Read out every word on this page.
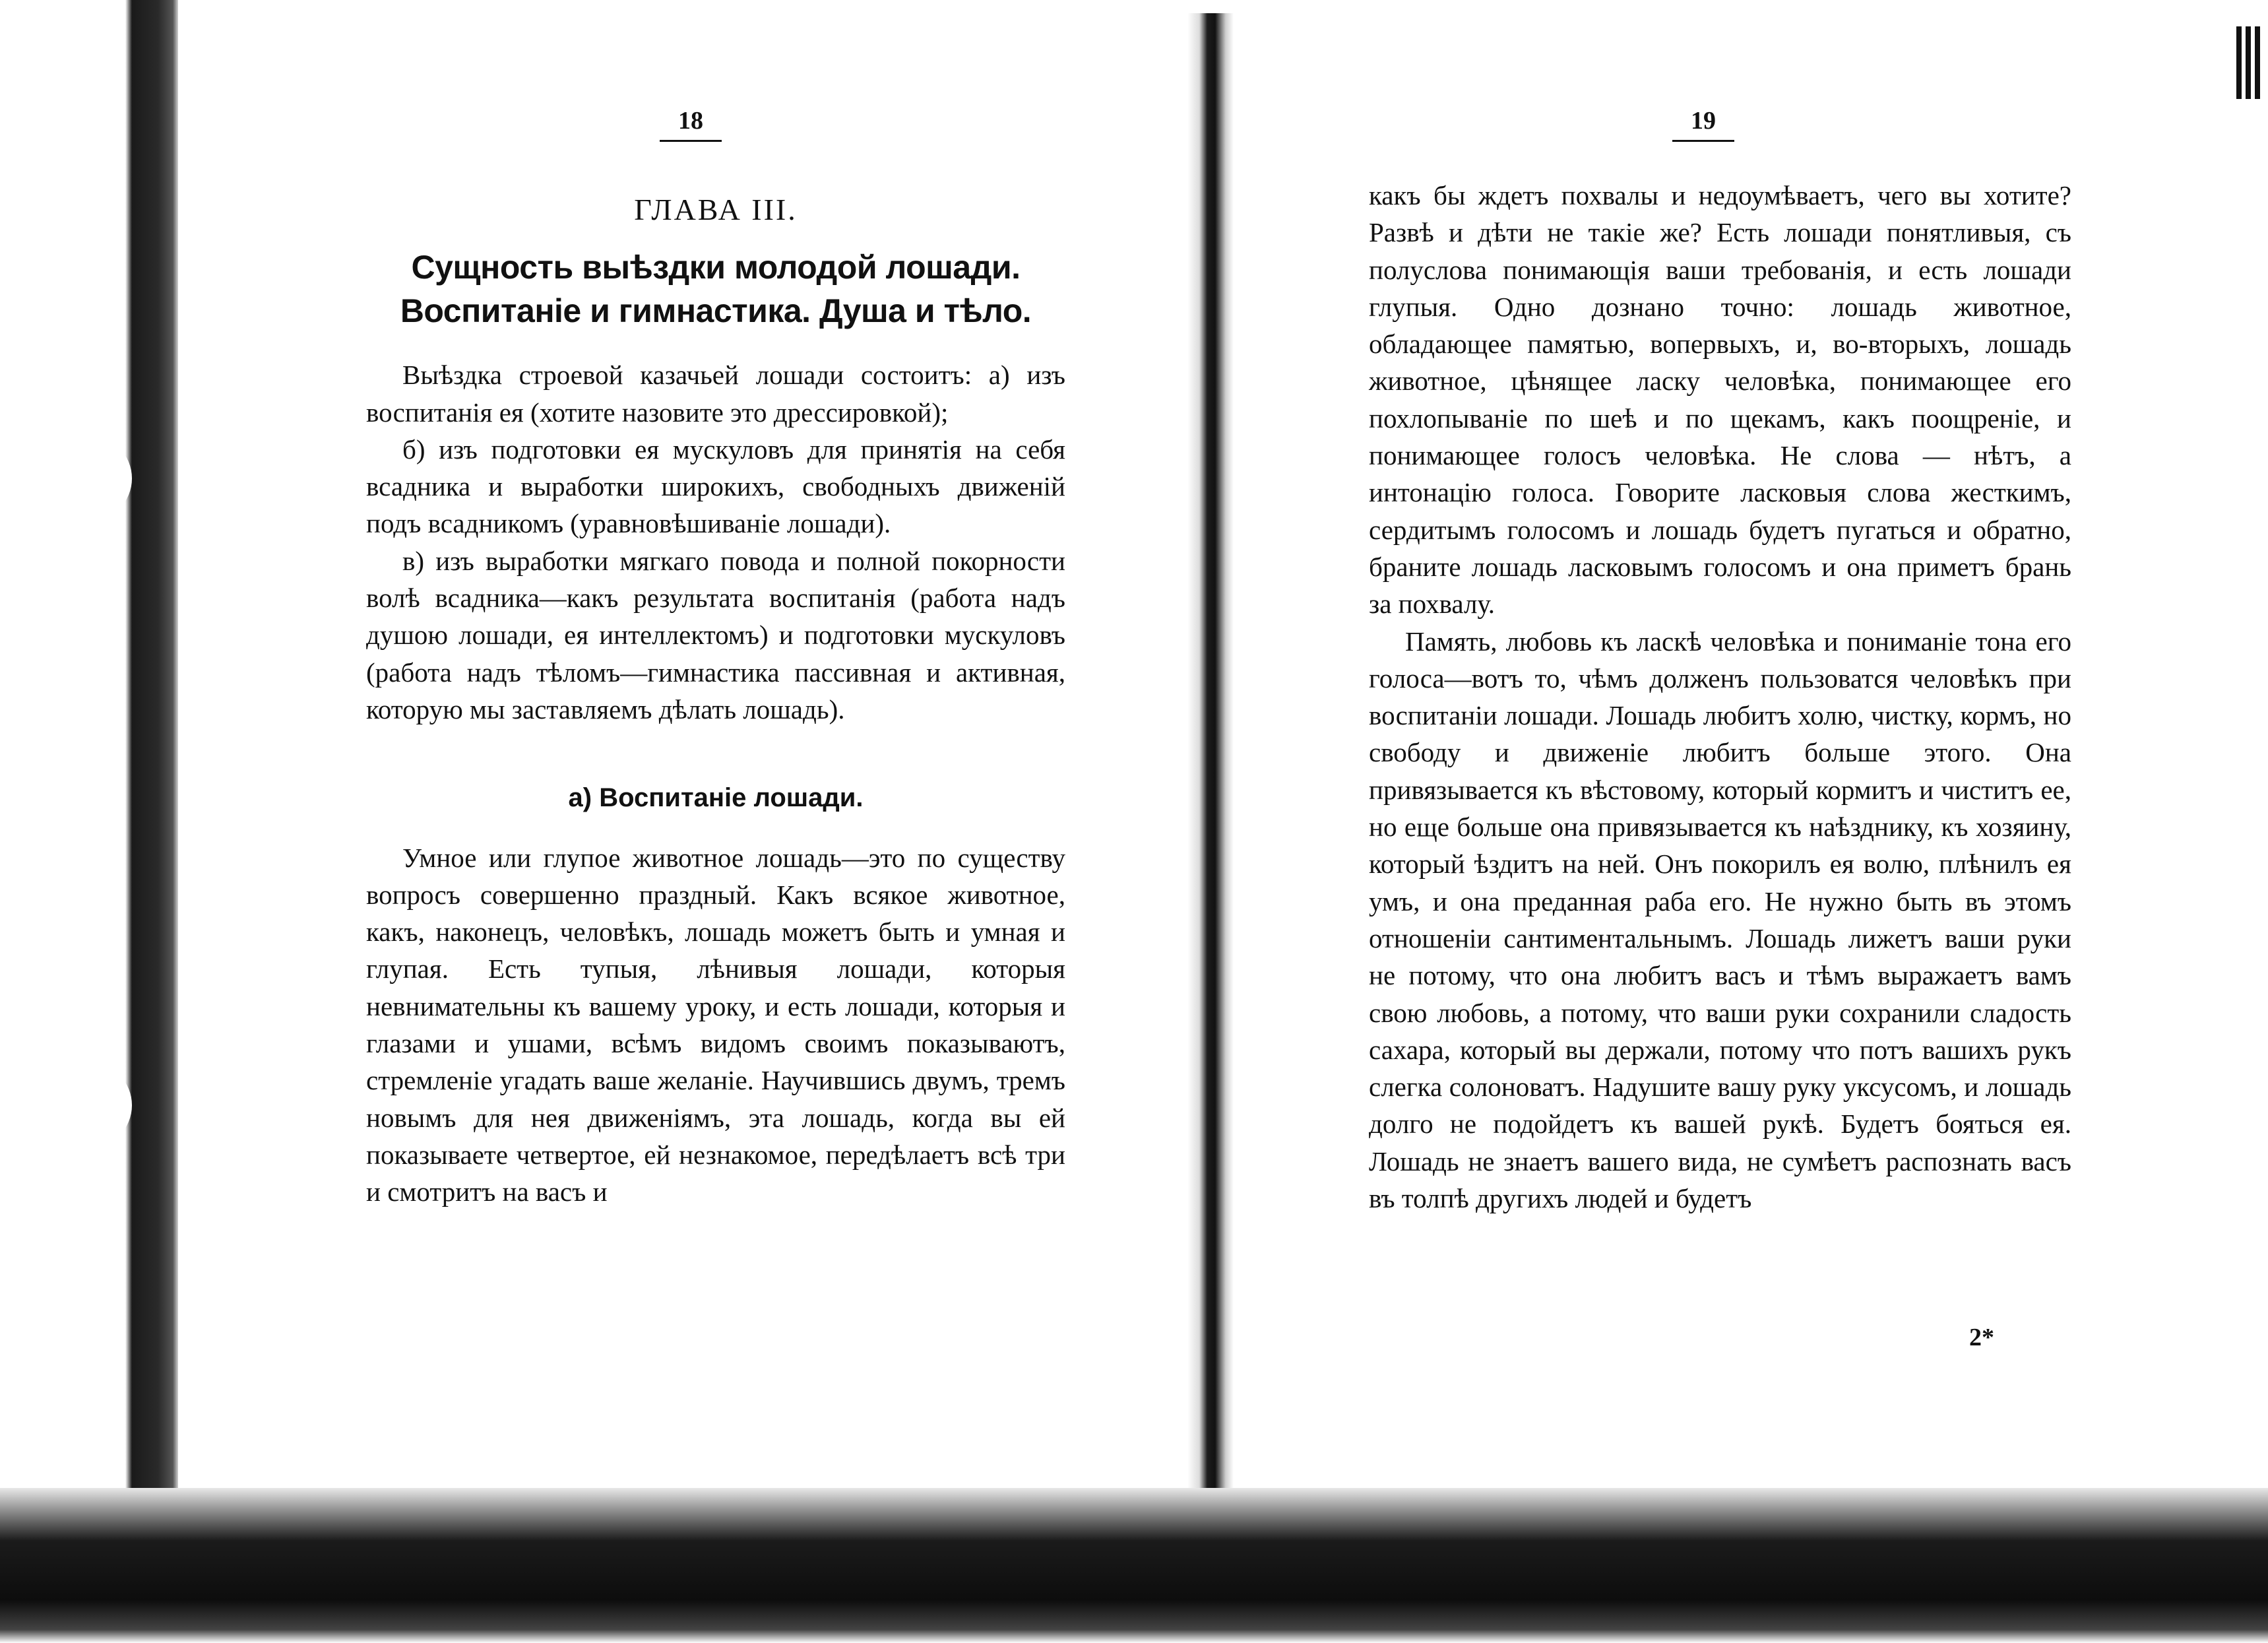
18	19
ГЛАВА III.
Сущность выѣздки молодой лошади. Воспитаніе и гимнастика. Душа и тѣло.

Выѣздка строевой казачьей лошади состоитъ: а) изъ воспитанія ея (хотите назовите это дрессировкой);

б) изъ подготовки ея мускуловъ для принятія на себя всадника и выработки широкихъ, свободныхъ движеній подъ всадникомъ (уравновѣшиваніе лошади).

в) изъ выработки мягкаго повода и полной покорности волѣ всадника—какъ результата воспитанія (работа надъ душою лошади, ея интеллектомъ) и подготовки мускуловъ (работа надъ тѣломъ—гимнастика пассивная и активная, которую мы заставляемъ дѣлать лошадь).

а) Воспитаніе лошади.

Умное или глупое животное лошадь—это по существу вопросъ совершенно праздный. Какъ всякое животное, какъ, наконецъ, человѣкъ, лошадь можетъ быть и умная и глупая. Есть тупыя, лѣнивыя лошади, которыя невнимательны къ вашему уроку, и есть лошади, которыя и глазами и ушами, всѣмъ видомъ своимъ показываютъ, стремленіе угадать ваше желаніе. Научившись двумъ, тремъ новымъ для нея движеніямъ, эта лошадь, когда вы ей показываете четвертое, ей незнакомое, передѣлаетъ всѣ три и смотритъ на васъ и

какъ бы ждетъ похвалы и недоумѣваетъ, чего вы хотите? Развѣ и дѣти не такіе же? Есть лошади понятливыя, съ полуслова понимающія ваши требованія, и есть лошади глупыя. Одно дознано точно: лошадь животное, обладающее памятью, вопервыхъ, и, во-вторыхъ, лошадь животное, цѣнящее ласку человѣка, понимающее его похлопываніе по шеѣ и по щекамъ, какъ поощреніе, и понимающее голосъ человѣка. Не слова — нѣтъ, а интонацію голоса. Говорите ласковыя слова жесткимъ, сердитымъ голосомъ и лошадь будетъ пугаться и обратно, браните лошадь ласковымъ голосомъ и она приметъ брань за похвалу.

Память, любовь къ ласкѣ человѣка и пониманіе тона его голоса—вотъ то, чѣмъ долженъ пользоватся человѣкъ при воспитаніи лошади. Лошадь любитъ холю, чистку, кормъ, но свободу и движеніе любитъ больше этого. Она привязывается къ вѣстовому, который кормитъ и чиститъ ее, но еще больше она привязывается къ наѣзднику, къ хозяину, который ѣздитъ на ней. Онъ покорилъ ея волю, плѣнилъ ея умъ, и она преданная раба его. Не нужно быть въ этомъ отношеніи сантиментальнымъ. Лошадь лижетъ ваши руки не потому, что она любитъ васъ и тѣмъ выражаетъ вамъ свою любовь, а потому, что ваши руки сохранили сладость сахара, который вы держали, потому что потъ вашихъ рукъ слегка солоноватъ. Надушите вашу руку уксусомъ, и лошадь долго не подойдетъ къ вашей рукѣ. Будетъ бояться ея. Лошадь не знаетъ вашего вида, не сумѣетъ распознать васъ въ толпѣ другихъ людей и будетъ

2*
